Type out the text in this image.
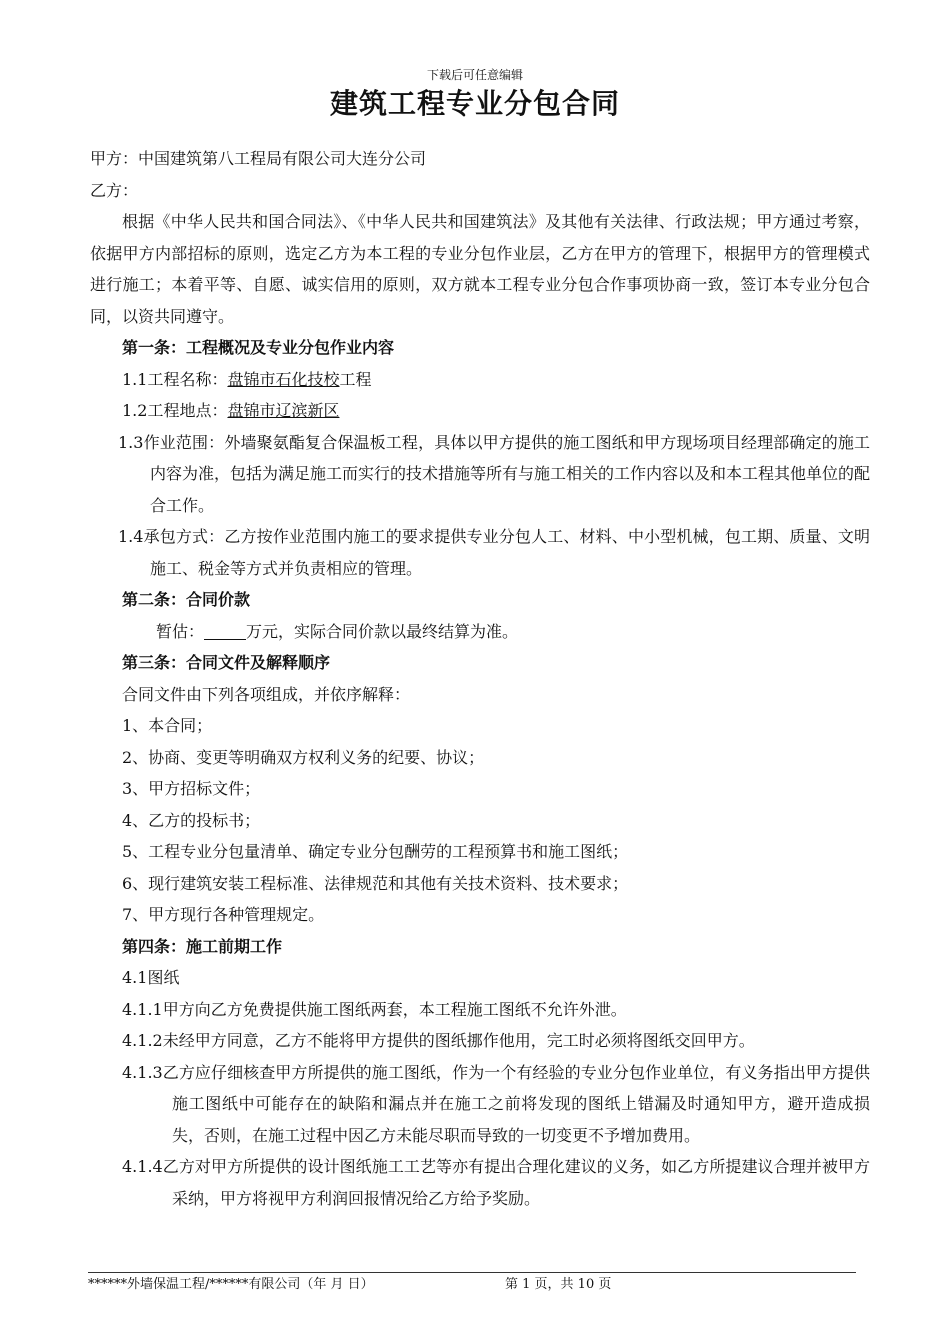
下载后可任意编辑
建筑工程专业分包合同

甲方：中国建筑第八工程局有限公司大连分公司

乙方：

根据《中华人民共和国合同法》、《中华人民共和国建筑法》及其他有关法律、行政法规；甲方通过考察，依据甲方内部招标的原则，选定乙方为本工程的专业分包作业层，乙方在甲方的管理下，根据甲方的管理模式进行施工；本着平等、自愿、诚实信用的原则，双方就本工程专业分包合作事项协商一致，签订本专业分包合同，以资共同遵守。

第一条：工程概况及专业分包作业内容

1.1工程名称：盘锦市石化技校工程

1.2工程地点：盘锦市辽滨新区

1.3作业范围：外墙聚氨酯复合保温板工程，具体以甲方提供的施工图纸和甲方现场项目经理部确定的施工内容为准，包括为满足施工而实行的技术措施等所有与施工相关的工作内容以及和本工程其他单位的配合工作。

1.4承包方式：乙方按作业范围内施工的要求提供专业分包人工、材料、中小型机械，包工期、质量、文明施工、税金等方式并负责相应的管理。

第二条：合同价款

暂估：	万元，实际合同价款以最终结算为准。

第三条：合同文件及解释顺序

合同文件由下列各项组成，并依序解释：

1、本合同；

2、协商、变更等明确双方权利义务的纪要、协议；

3、甲方招标文件；

4、乙方的投标书；

5、工程专业分包量清单、确定专业分包酬劳的工程预算书和施工图纸；

6、现行建筑安装工程标准、法律规范和其他有关技术资料、技术要求；

7、甲方现行各种管理规定。

第四条：施工前期工作

4.1图纸

4.1.1甲方向乙方免费提供施工图纸两套，本工程施工图纸不允许外泄。

4.1.2未经甲方同意，乙方不能将甲方提供的图纸挪作他用，完工时必须将图纸交回甲方。

4.1.3乙方应仔细核查甲方所提供的施工图纸，作为一个有经验的专业分包作业单位，有义务指出甲方提供施工图纸中可能存在的缺陷和漏点并在施工之前将发现的图纸上错漏及时通知甲方，避开造成损失，否则，在施工过程中因乙方未能尽职而导致的一切变更不予增加费用。

4.1.4乙方对甲方所提供的设计图纸施工工艺等亦有提出合理化建议的义务，如乙方所提建议合理并被甲方采纳，甲方将视甲方利润回报情况给乙方给予奖励。

******外墙保温工程/******有限公司（年 月 日）	第 1 页，共 10 页
